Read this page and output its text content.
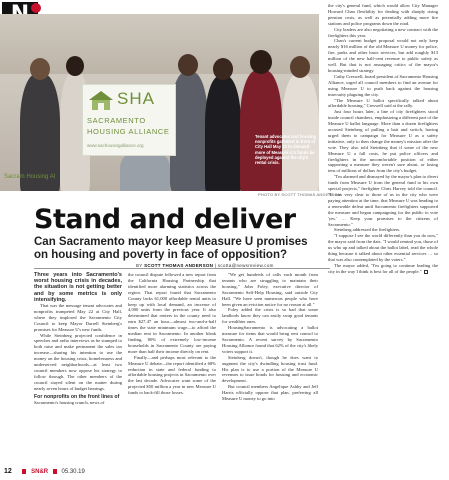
SHA
SACRAMENTO
HOUSING ALLIANCE
www.sachousingalliance.org
Sacram Housing Al
Tenant advocates and housing nonprofits gathered in front of City Hall May 22 to demand more of Measure U's funds be deployed against the city's rental crisis.
PHOTO BY SCOTT THOMAS ANDERSON
Stand and deliver
Can Sacramento mayor keep Measure U promises on housing and poverty in face of opposition?
BY SCOTT THOMAS ANDERSON | scotta@newsreview.com

Three years into Sacramento's worst housing crisis in decades, the situation is not getting better and by some metrics is only intensifying.

That was the message tenant advocates and nonprofits trumpeted May 22 at City Hall, where they implored the Sacramento City Council to keep Mayor Darrell Steinberg's promises for Measure U's new funds.

While Steinberg projected confidence in speeches and radio interviews as he stumped to both raise and make permanent the sales tax increase—sharing his intention to use the money on the housing crisis, homelessness and underserved neighborhoods—at least two council members now oppose his strategy to follow through. The other members of the council stayed silent on the matter during nearly seven hours of budget hearings.

For nonprofits on the front lines of

Sacramento's housing crunch, news of

the council dispute followed a new report from the California Housing Partnership that identified more alarming statistics across the region. That report found that Sacramento County lacks 61,000 affordable rental units to keep up with local demand, an increase of 4,000 units from the previous year. It also determined that renters in the county need to earn $27.47 an hour—almost two-and-a-half times the state minimum wage—to afford the median rent in Sacramento. In another bleak finding, 80% of extremely low-income households in Sacramento County are paying more than half their income directly on rent.

Finally—and perhaps most relevant to the Measure U debate—the report identified a 68% reduction in state and federal funding to affordable housing projects in Sacramento over the last decade. Advocates want some of the projected $50 million a year in new Measure U funds to back-fill those losses.

"We get hundreds of calls each month from tenants who are struggling to maintain their housing," John Foley, executive director of Sacramento Self-Help Housing, said outside City Hall. "We have seen numerous people who have been given an eviction notice for no reason at all."

Foley added the crisis is so bad that some landlords know they can easily swap good tenants for wealthier ones.

HousingSacramento is advocating a ballot measure for items that would bring rent control to Sacramento. A recent survey by Sacramento Housing Alliance found that 62% of the city's likely voters support it.

Steinberg doesn't, though he does want to augment the city's dwindling housing trust fund. His plan is to use a portion of the Measure U revenues to issue bonds for housing and economic development.

But council members Angelique Ashby and Jeff Harris officially oppose that plan, preferring all Measure U money to go into

the city's general fund, which would allow City Manager Howard Chan flexibility for dealing with sharply rising pension costs, as well as potentially adding more fire stations and police programs down the road.

City leaders are also negotiating a new contract with the firefighters this year.

Chan's current budget proposal would not only keep nearly $16 million of the old Measure U money for police, fire, parks and other basic services, but add roughly $13 million of the new half-cent revenue to public safety as well. But that is not assuaging critics of the mayor's housing-minded strategy.

Cathy Creswell, board president of Sacramento Housing Alliance, urged all council members to find an avenue for using Measure U to push back against the housing insecurity plaguing the city.

"The Measure U ballot specifically talked about affordable housing," Creswell said at the rally.

Just four hours later, a line of city firefighters stood inside council chambers, emphasizing a different part of the Measure U ballot language. More than a dozen firefighters accused Steinberg of pulling a bait and switch, having urged them to campaign for Measure U as a safety initiative, only to then change the money's mission after the vote. They also told Steinberg that if some of the new Measure U a fall costs, he put police officers and firefighters in the uncomfortable position of either supporting a measure they weren't sure about, or losing tens of millions of dollars from the city's budget.

"I'm alarmed and dismayed by the mayor's plan to divert funds from Measure U from the general fund to his own special projects," firefighter Chris Harvey told the council. "It was very clear to those of us in the city who were paying attention at the time, that Measure U was heading to a renewable defeat until Sacramento firefighters supported the measure and began campaigning for the public to vote 'yes.' … Keep your promises to the citizens of Sacramento."

Steinberg addressed the firefighters.

"I suppose I see the world differently than you do now," the mayor said from the dais. "I would remind you, those of us who up and talked about the ballot label, read the whole thing because it talked about other essential services … so that was also contemplated by the voters."

The mayor added, "I'm going to continue leading the city in the way I think is best for all of the people."

12	SN&R 05.30.19
